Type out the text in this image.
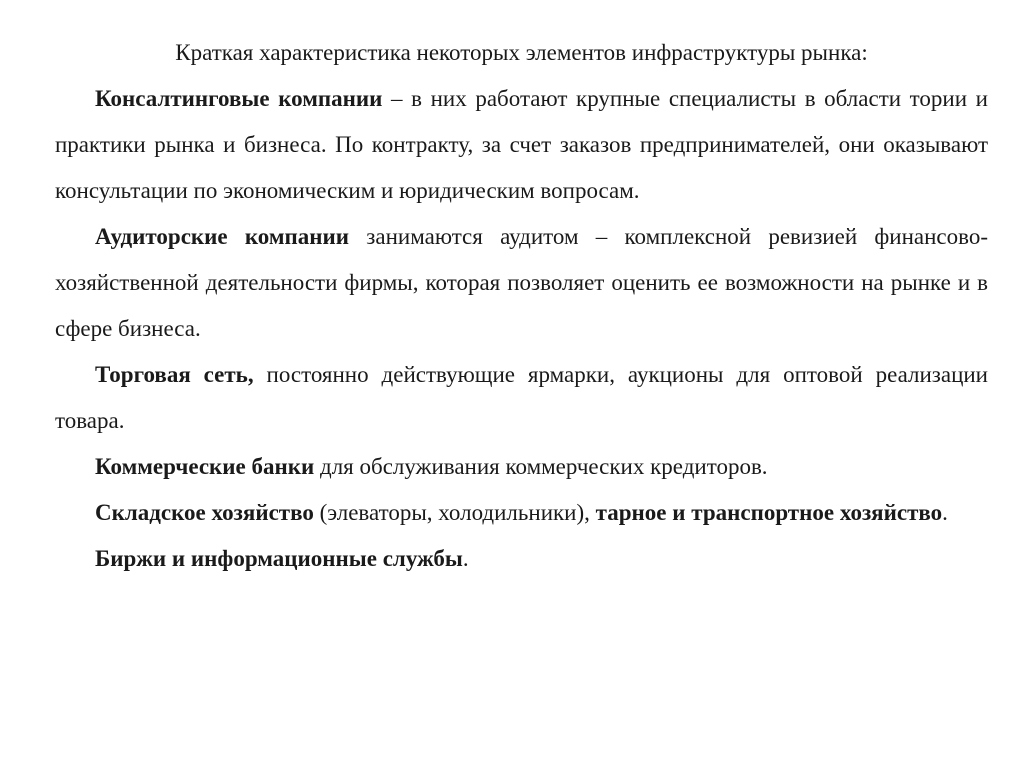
Краткая характеристика некоторых элементов инфраструктуры рынка:

Консалтинговые компании – в них работают крупные специалисты в области тории и практики рынка и бизнеса. По контракту, за счет заказов предпринимателей, они оказывают консультации по экономическим и юридическим вопросам.

Аудиторские компании занимаются аудитом – комплексной ревизией финансово-хозяйственной деятельности фирмы, которая позволяет оценить ее возможности на рынке и в сфере бизнеса.

Торговая сеть, постоянно действующие ярмарки, аукционы для оптовой реализации товара.

Коммерческие банки для обслуживания коммерческих кредиторов.

Складское хозяйство (элеваторы, холодильники), тарное и транспортное хозяйство.

Биржи и информационные службы.
